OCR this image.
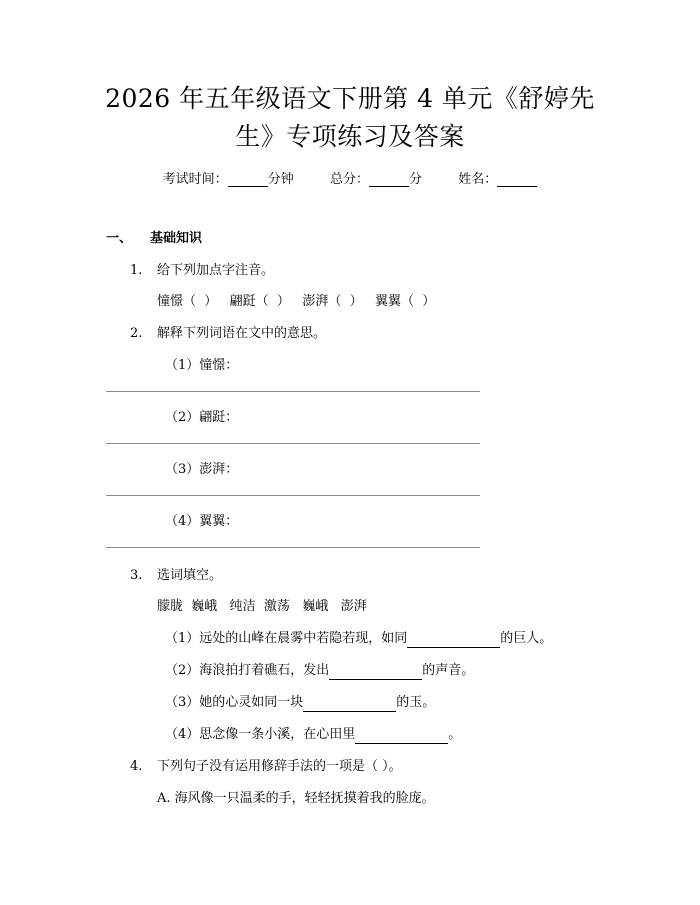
2026 年五年级语文下册第 4 单元《舒婷先
生》专项练习及答案
考试时间：	分钟	总分：	分	姓名：
一、 基础知识
1. 给下列加点字注音。
憧憬（  ）   翩跹（  ）   澎湃（  ）   翼翼（  ）
2. 解释下列词语在文中的意思。
（1）憧憬：
（2）翩跹：
（3）澎湃：
（4）翼翼：
3. 选词填空。
朦胧  巍峨   纯洁  激荡   巍峨   澎湃
（1）远处的山峰在晨雾中若隐若现，如同	的巨人。
（2）海浪拍打着礁石，发出	的声音。
（3）她的心灵如同一块	的玉。
（4）思念像一条小溪，在心田里	。
4. 下列句子没有运用修辞手法的一项是（ ）。
A. 海风像一只温柔的手，轻轻抚摸着我的脸庞。
